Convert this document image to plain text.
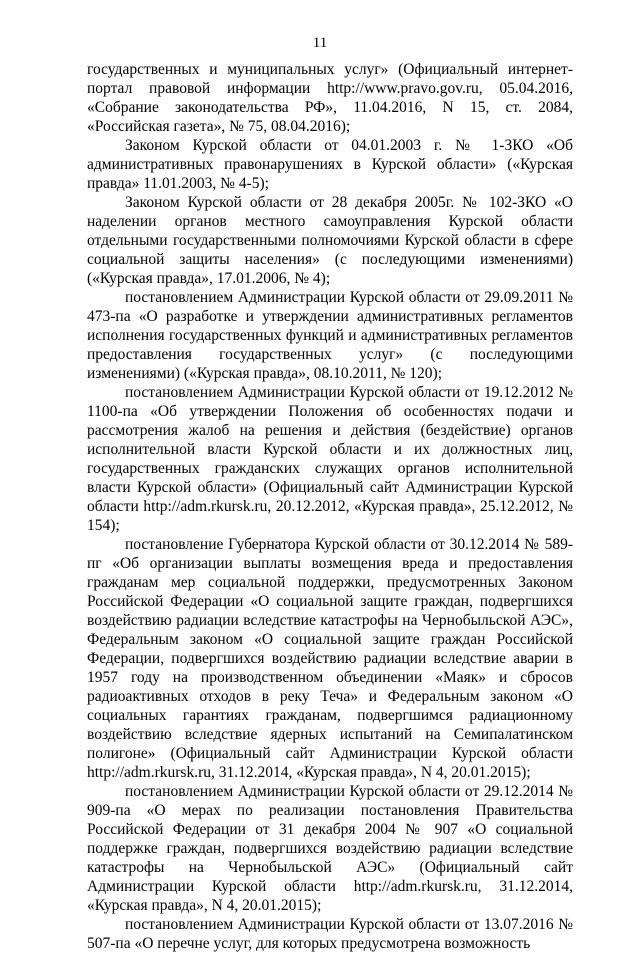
11

государственных и муниципальных услуг» (Официальный интернет-портал правовой информации http://www.pravo.gov.ru, 05.04.2016, «Собрание законодательства РФ», 11.04.2016, N 15, ст. 2084, «Российская газета», № 75, 08.04.2016);

Законом Курской области от 04.01.2003 г. № 1-ЗКО «Об административных правонарушениях в Курской области» («Курская правда» 11.01.2003, № 4-5);

Законом Курской области от 28 декабря 2005г. № 102-ЗКО «О наделении органов местного самоуправления Курской области отдельными государственными полномочиями Курской области в сфере социальной защиты населения» (с последующими изменениями) («Курская правда», 17.01.2006, № 4);

постановлением Администрации Курской области от 29.09.2011 № 473-па «О разработке и утверждении административных регламентов исполнения государственных функций и административных регламентов предоставления государственных услуг» (с последующими изменениями) («Курская правда», 08.10.2011, № 120);

постановлением Администрации Курской области от 19.12.2012 № 1100-па «Об утверждении Положения об особенностях подачи и рассмотрения жалоб на решения и действия (бездействие) органов исполнительной власти Курской области и их должностных лиц, государственных гражданских служащих органов исполнительной власти Курской области» (Официальный сайт Администрации Курской области http://adm.rkursk.ru, 20.12.2012, «Курская правда», 25.12.2012, № 154);

постановление Губернатора Курской области от 30.12.2014 № 589-пг «Об организации выплаты возмещения вреда и предоставления гражданам мер социальной поддержки, предусмотренных Законом Российской Федерации «О социальной защите граждан, подвергшихся воздействию радиации вследствие катастрофы на Чернобыльской АЭС», Федеральным законом «О социальной защите граждан Российской Федерации, подвергшихся воздействию радиации вследствие аварии в 1957 году на производственном объединении «Маяк» и сбросов радиоактивных отходов в реку Теча» и Федеральным законом «О социальных гарантиях гражданам, подвергшимся радиационному воздействию вследствие ядерных испытаний на Семипалатинском полигоне» (Официальный сайт Администрации Курской области http://adm.rkursk.ru, 31.12.2014, «Курская правда», N 4, 20.01.2015);

постановлением Администрации Курской области от 29.12.2014 № 909-па «О мерах по реализации постановления Правительства Российской Федерации от 31 декабря 2004 № 907 «О социальной поддержке граждан, подвергшихся воздействию радиации вследствие катастрофы на Чернобыльской АЭС» (Официальный сайт Администрации Курской области http://adm.rkursk.ru, 31.12.2014, «Курская правда», N 4, 20.01.2015);

постановлением Администрации Курской области от 13.07.2016 № 507-па «О перечне услуг, для которых предусмотрена возможность
